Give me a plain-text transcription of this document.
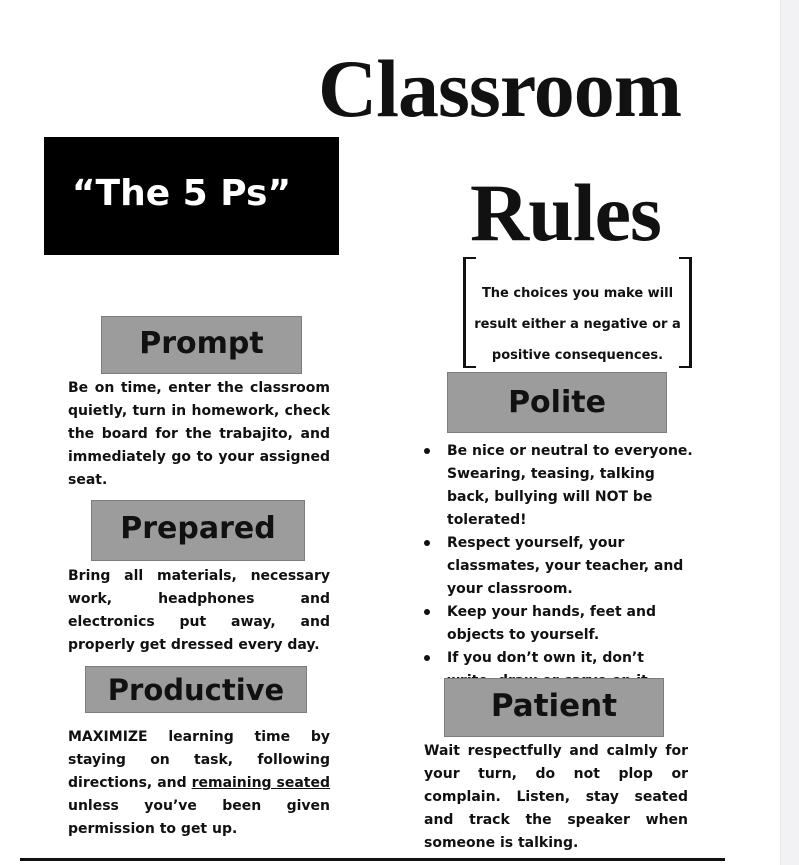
Classroom
Rules
“The 5 Ps”
The choices you make will
result either a negative or a
positive consequences.
Prompt

Be on time, enter the classroom quietly, turn in homework, check the board for the trabajito, and immediately go to your assigned seat.

Prepared

Bring all materials, necessary work, headphones and electronics put away, and properly get dressed every day.

Productive

MAXIMIZE learning time by staying on task, following directions, and remaining seated unless you’ve been given permission to get up.

Polite
Be nice or neutral to everyone. Swearing, teasing, talking back, bullying will NOT be tolerated!
Respect yourself, your classmates, your teacher, and your classroom.
Keep your hands, feet and objects to yourself.
If you don’t own it, don’t
Patient

Wait respectfully and calmly for your turn, do not plop or complain. Listen, stay seated and track the speaker when someone is talking.
